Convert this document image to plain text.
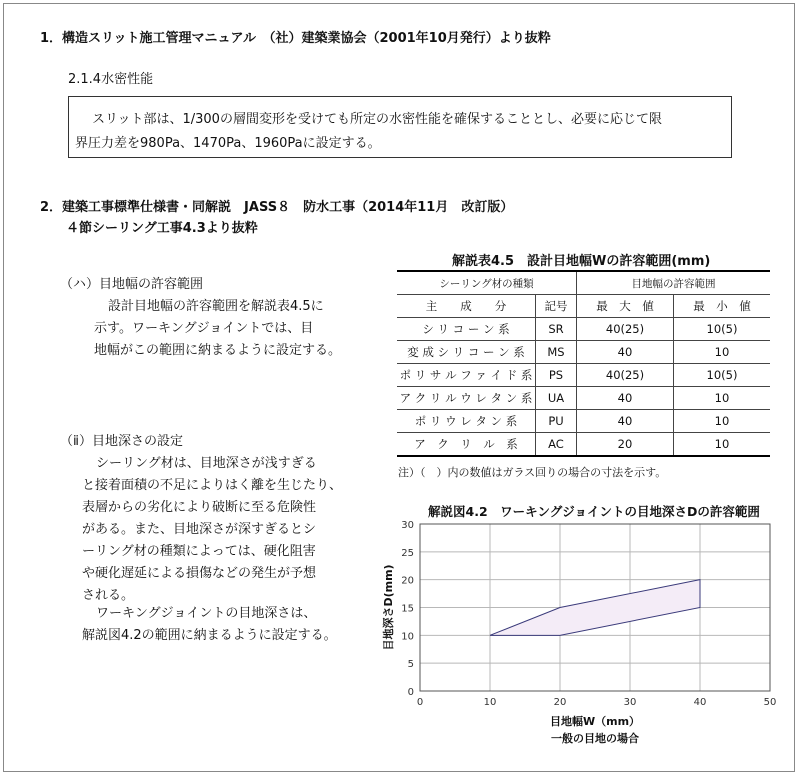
1．構造スリット施工管理マニュアル　（社）建築業協会（2001年10月発行）より抜粋
2.1.4水密性能
スリット部は、1/300の層間変形を受けても所定の水密性能を確保することとし、必要に応じて限
界圧力差を980Pa、1470Pa、1960Paに設定する。
2．建築工事標準仕様書・同解説　JASS８　防水工事（2014年11月　改訂版）
４節シーリング工事4.3より抜粋
（ハ）目地幅の許容範囲
設計目地幅の許容範囲を解説表4.5に
示す。ワーキングジョイントでは、目
地幅がこの範囲に納まるように設定する。
（ⅱ）目地深さの設定
シーリング材は、目地深さが浅すぎる
と接着面積の不足によりはく離を生じたり、
表層からの劣化により破断に至る危険性
がある。また、目地深さが深すぎるとシ
ーリング材の種類によっては、硬化阻害
や硬化遅延による損傷などの発生が予想
される。
ワーキングジョイントの目地深さは、
解説図4.2の範囲に納まるように設定する。
解説表4.5　設計目地幅Wの許容範囲(mm)
シーリング材の種類		目地幅の許容範囲	
主　　成　　分	記号	最　大　値	最　小　値
シ リ コ ー ン 系	SR	40(25)	10(5)
変 成 シ リ コ ー ン 系	MS	40	10
ポ リ サ ル フ ァ イ ド 系	PS	40(25)	10(5)
ア ク リ ル ウ レ タ ン 系	UA	40	10
ポ リ ウ レ タ ン 系	PU	40	10
ア　ク　リ　ル　系	AC	20	10
注）（　）内の数値はガラス回りの場合の寸法を示す。
解説図4.2　ワーキングジョイントの目地深さDの許容範囲
0	10	20	30	40	50
0
5
10
15
20
25
30
目地幅W（mm）
一般の目地の場合
目地深さD(mm)
